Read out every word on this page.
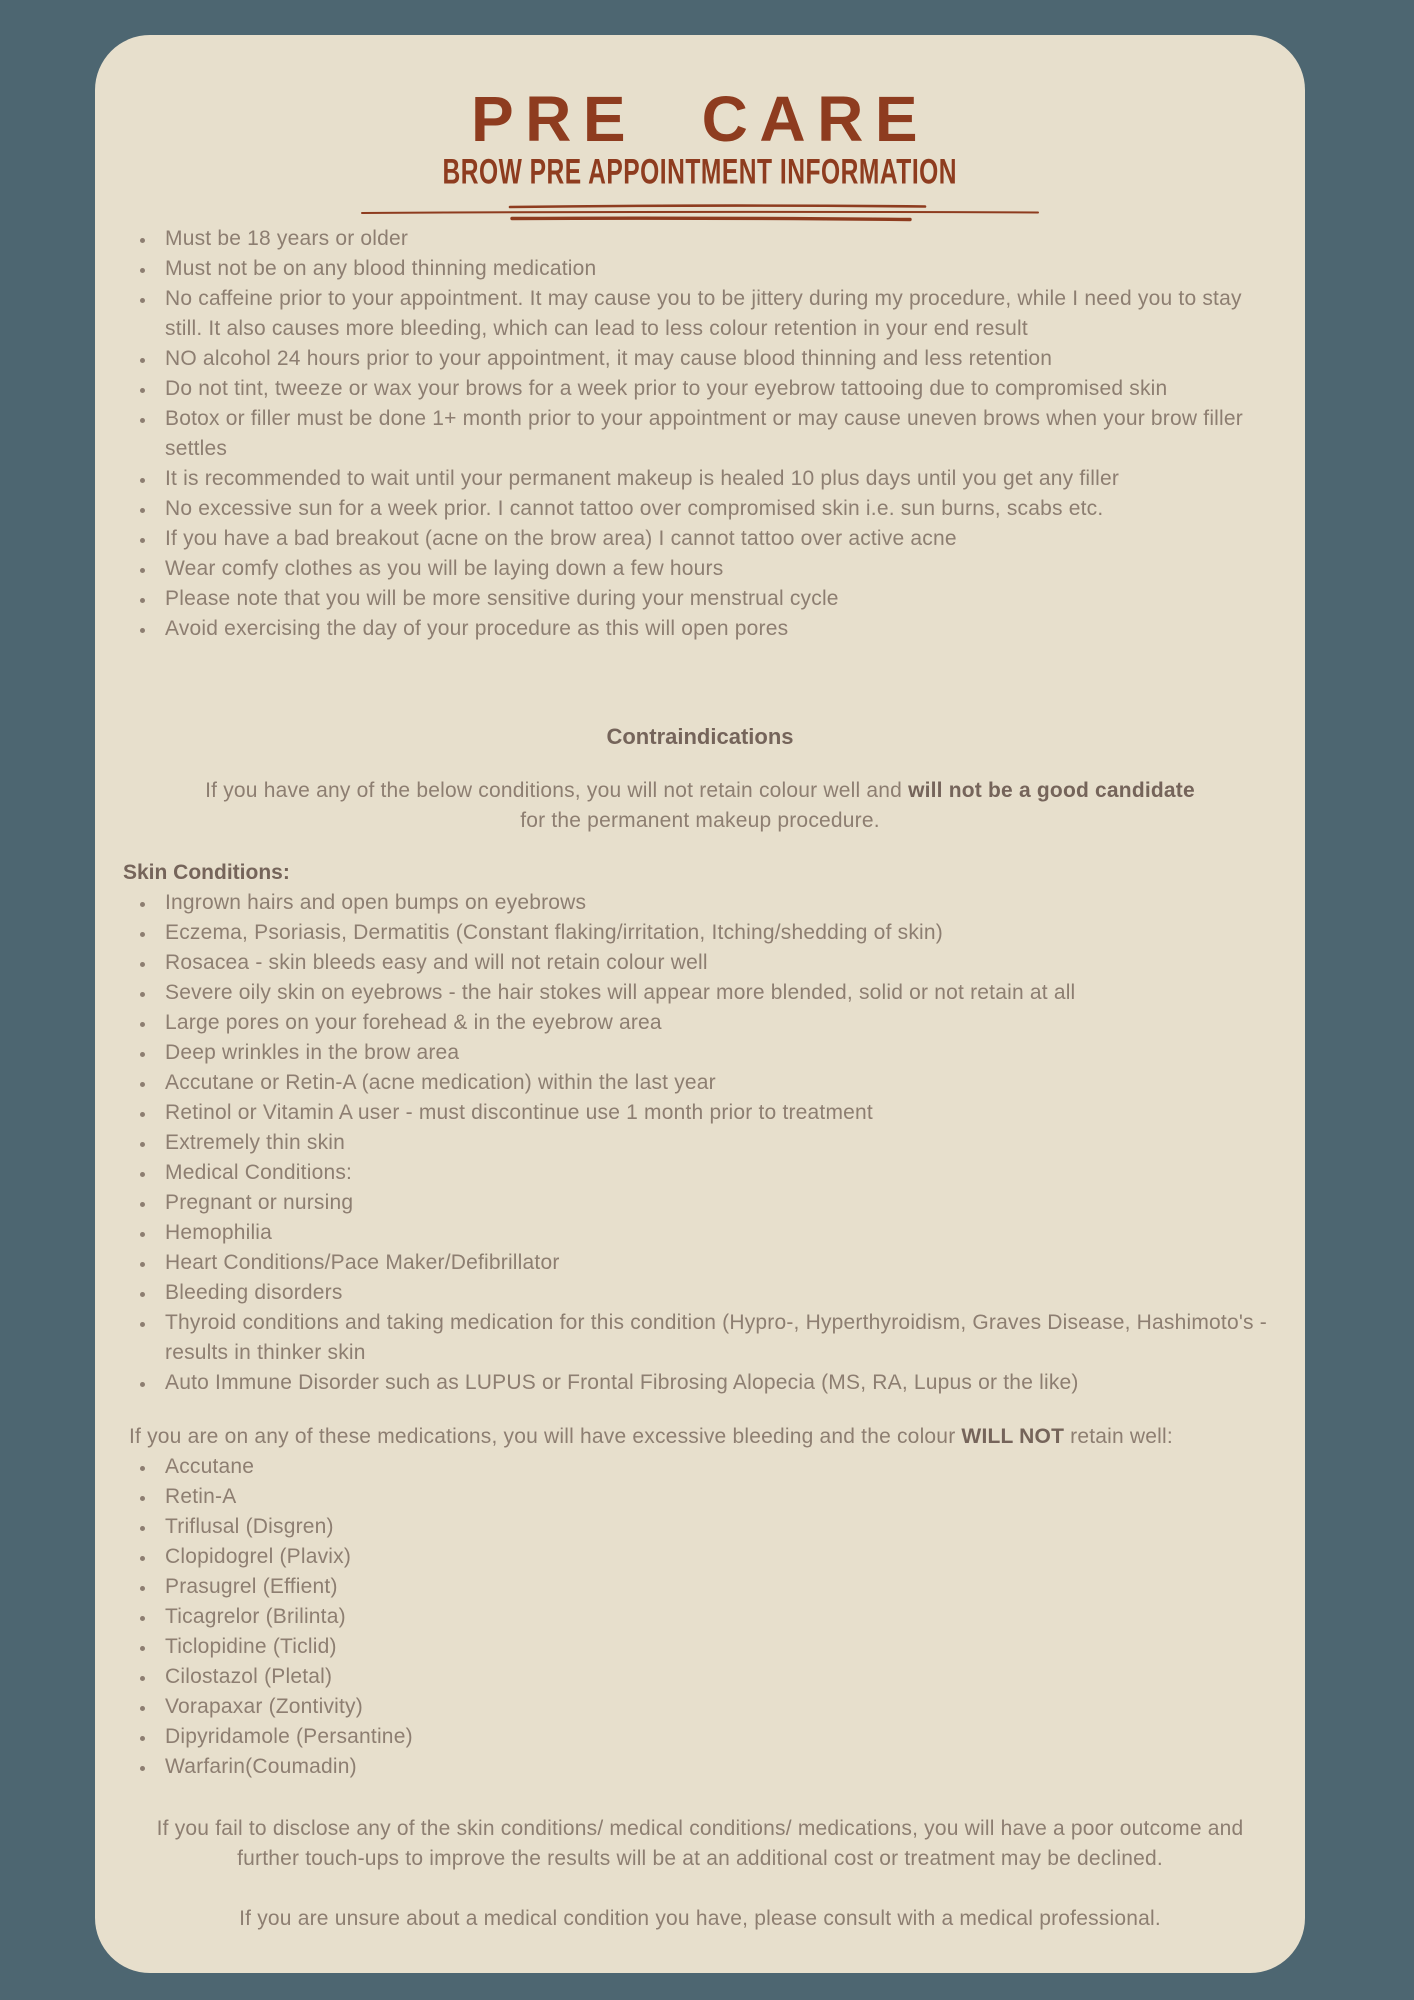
PRE CARE
BROW PRE APPOINTMENT INFORMATION
• Must be 18 years or older
• Must not be on any blood thinning medication
• No caffeine prior to your appointment. It may cause you to be jittery during my procedure, while I need you to stay still. It also causes more bleeding, which can lead to less colour retention in your end result
• NO alcohol 24 hours prior to your appointment, it may cause blood thinning and less retention
• Do not tint, tweeze or wax your brows for a week prior to your eyebrow tattooing due to compromised skin
• Botox or filler must be done 1+ month prior to your appointment or may cause uneven brows when your brow filler settles
• It is recommended to wait until your permanent makeup is healed 10 plus days until you get any filler
• No excessive sun for a week prior. I cannot tattoo over compromised skin i.e. sun burns, scabs etc.
• If you have a bad breakout (acne on the brow area) I cannot tattoo over active acne
• Wear comfy clothes as you will be laying down a few hours
• Please note that you will be more sensitive during your menstrual cycle
• Avoid exercising the day of your procedure as this will open pores
Contraindications

If you have any of the below conditions, you will not retain colour well and will not be a good candidate for the permanent makeup procedure.

Skin Conditions:
• Ingrown hairs and open bumps on eyebrows
• Eczema, Psoriasis, Dermatitis (Constant flaking/irritation, Itching/shedding of skin)
• Rosacea - skin bleeds easy and will not retain colour well
• Severe oily skin on eyebrows - the hair stokes will appear more blended, solid or not retain at all
• Large pores on your forehead & in the eyebrow area
• Deep wrinkles in the brow area
• Accutane or Retin-A (acne medication) within the last year
• Retinol or Vitamin A user - must discontinue use 1 month prior to treatment
• Extremely thin skin
• Medical Conditions:
• Pregnant or nursing
• Hemophilia
• Heart Conditions/Pace Maker/Defibrillator
• Bleeding disorders
• Thyroid conditions and taking medication for this condition (Hypro-, Hyperthyroidism, Graves Disease, Hashimoto's - results in thinker skin
• Auto Immune Disorder such as LUPUS or Frontal Fibrosing Alopecia (MS, RA, Lupus or the like)

If you are on any of these medications, you will have excessive bleeding and the colour WILL NOT retain well:

• Accutane
• Retin-A
• Triflusal (Disgren)
• Clopidogrel (Plavix)
• Prasugrel (Effient)
• Ticagrelor (Brilinta)
• Ticlopidine (Ticlid)
• Cilostazol (Pletal)
• Vorapaxar (Zontivity)
• Dipyridamole (Persantine)
• Warfarin(Coumadin)

If you fail to disclose any of the skin conditions/ medical conditions/ medications, you will have a poor outcome and further touch-ups to improve the results will be at an additional cost or treatment may be declined.

If you are unsure about a medical condition you have, please consult with a medical professional.
